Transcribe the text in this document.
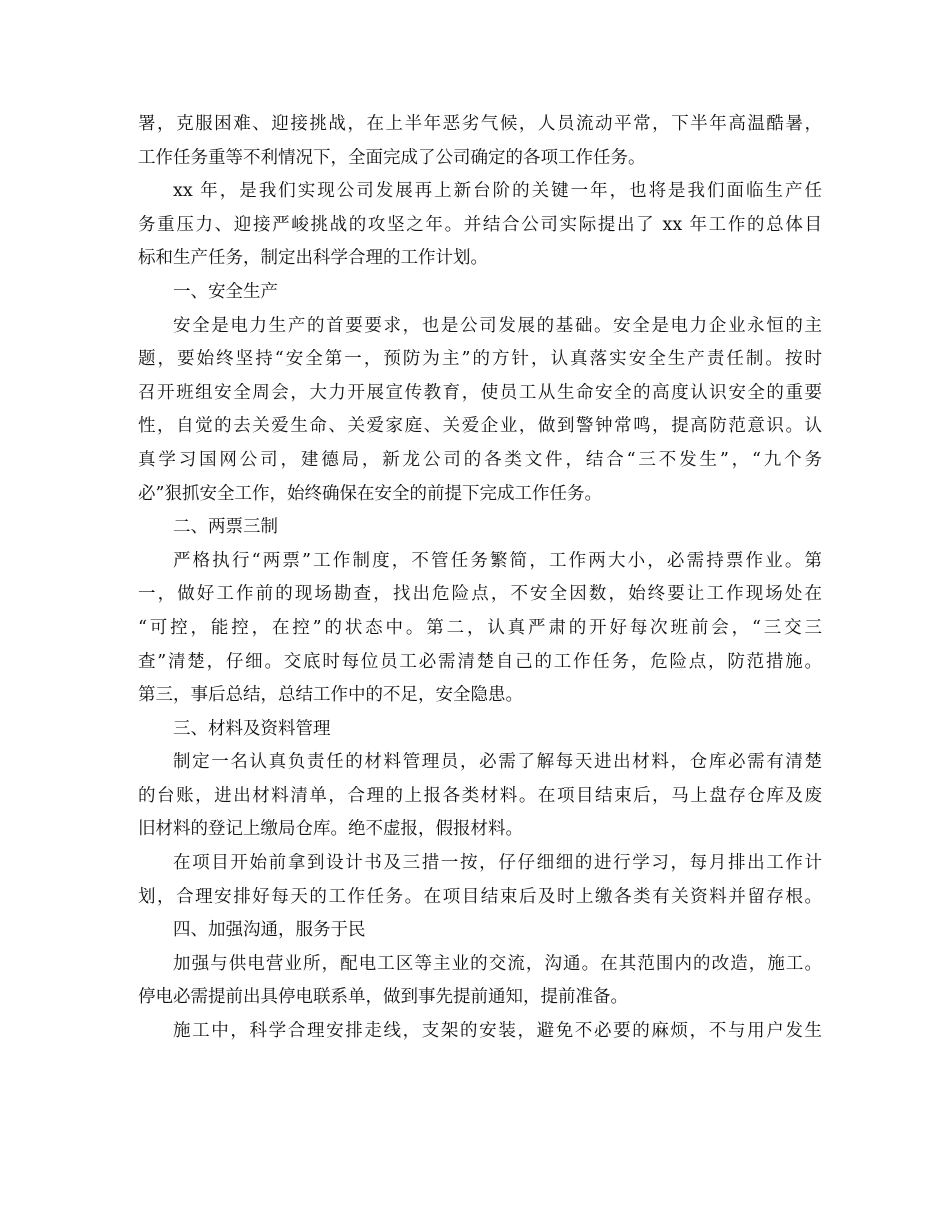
署，克服困难、迎接挑战，在上半年恶劣气候，人员流动平常，下半年高温酷暑，
工作任务重等不利情况下，全面完成了公司确定的各项工作任务。
xx 年，是我们实现公司发展再上新台阶的关键一年，也将是我们面临生产任
务重压力、迎接严峻挑战的攻坚之年。并结合公司实际提出了 xx 年工作的总体目
标和生产任务，制定出科学合理的工作计划。
一、安全生产
安全是电力生产的首要要求，也是公司发展的基础。安全是电力企业永恒的主
题，要始终坚持“安全第一，预防为主”的方针，认真落实安全生产责任制。按时
召开班组安全周会，大力开展宣传教育，使员工从生命安全的高度认识安全的重要
性，自觉的去关爱生命、关爱家庭、关爱企业，做到警钟常鸣，提高防范意识。认
真学习国网公司，建德局，新龙公司的各类文件，结合“三不发生”，“九个务
必”狠抓安全工作，始终确保在安全的前提下完成工作任务。
二、两票三制
严格执行“两票”工作制度，不管任务繁简，工作两大小，必需持票作业。第
一，做好工作前的现场勘查，找出危险点，不安全因数，始终要让工作现场处在
“可控，能控，在控”的状态中。第二，认真严肃的开好每次班前会，“三交三
查”清楚，仔细。交底时每位员工必需清楚自己的工作任务，危险点，防范措施。
第三，事后总结，总结工作中的不足，安全隐患。
三、材料及资料管理
制定一名认真负责任的材料管理员，必需了解每天进出材料，仓库必需有清楚
的台账，进出材料清单，合理的上报各类材料。在项目结束后，马上盘存仓库及废
旧材料的登记上缴局仓库。绝不虚报，假报材料。
在项目开始前拿到设计书及三措一按，仔仔细细的进行学习，每月排出工作计
划，合理安排好每天的工作任务。在项目结束后及时上缴各类有关资料并留存根。
四、加强沟通，服务于民
加强与供电营业所，配电工区等主业的交流，沟通。在其范围内的改造，施工。
停电必需提前出具停电联系单，做到事先提前通知，提前准备。
施工中，科学合理安排走线，支架的安装，避免不必要的麻烦，不与用户发生
